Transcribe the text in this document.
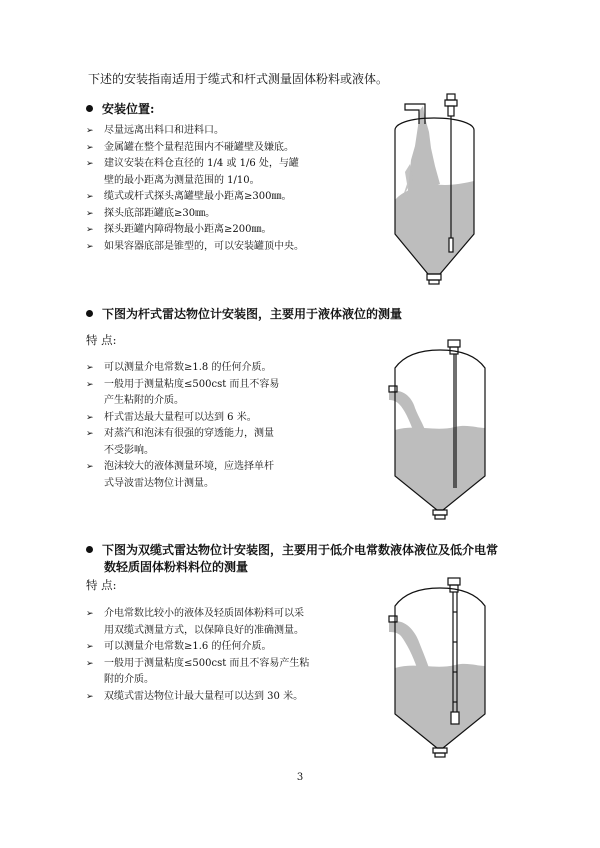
下述的安装指南适用于缆式和杆式测量固体粉料或液体。
安装位置:
➢ 尽量远离出料口和进料口。
➢ 金属罐在整个量程范围内不碰罐壁及嫌底。
➢ 建议安装在料仓直径的 1/4 或 1/6 处，与罐
壁的最小距离为测量范围的 1/10。
➢ 缆式或杆式探头离罐壁最小距离≥300㎜。
➢ 探头底部距罐底≥30㎜。
➢ 探头距罐内障碍物最小距离≥200㎜。
➢ 如果容器底部是锥型的，可以安装罐顶中央。
下图为杆式雷达物位计安装图，主要用于液体液位的测量
特 点:
➢ 可以测量介电常数≥1.8 的任何介质。
➢ 一般用于测量粘度≤500cst 而且不容易
产生粘附的介质。
➢ 杆式雷达最大量程可以达到 6 米。
➢ 对蒸汽和泡沫有很强的穿透能力，测量
不受影响。
➢ 泡沫较大的液体测量环境，应选择单杆
式导波雷达物位计测量。
下图为双缆式雷达物位计安装图，主要用于低介电常数液体液位及低介电常
数轻质固体粉料料位的测量
特 点:
➢ 介电常数比较小的液体及轻质固体粉料可以采
用双缆式测量方式，以保障良好的准确测量。
➢ 可以测量介电常数≥1.6 的任何介质。
➢ 一般用于测量粘度≤500cst 而且不容易产生粘
附的介质。
➢ 双缆式雷达物位计最大量程可以达到 30 米。
3
